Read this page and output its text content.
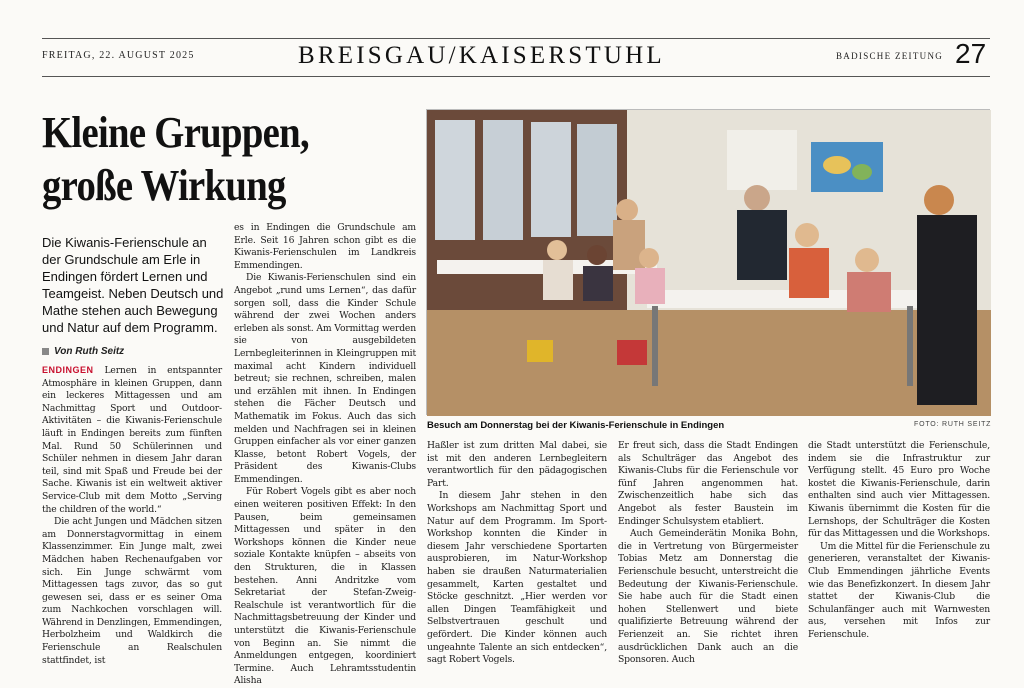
FREITAG, 22. AUGUST 2025	BREISGAU/KAISERSTUHL	BADISCHE ZEITUNG 27
Kleine Gruppen,
große Wirkung
Die Kiwanis-Ferienschule an der Grundschule am Erle in Endingen fördert Lernen und Teamgeist. Neben Deutsch und Mathe stehen auch Bewegung und Natur auf dem Programm.
Von Ruth Seitz

ENDINGEN Lernen in entspannter Atmosphäre in kleinen Gruppen, dann ein leckeres Mittagessen und am Nachmittag Sport und Outdoor-Aktivitäten – die Kiwanis-Ferienschule läuft in Endingen bereits zum fünften Mal. Rund 50 Schülerinnen und Schüler nehmen in diesem Jahr daran teil, sind mit Spaß und Freude bei der Sache. Kiwanis ist ein weltweit aktiver Service-Club mit dem Motto „Serving the children of the world.“

Die acht Jungen und Mädchen sitzen am Donnerstagvormittag in einem Klassenzimmer. Ein Junge malt, zwei Mädchen haben Rechenaufgaben vor sich. Ein Junge schwärmt vom Mittagessen tags zuvor, das so gut gewesen sei, dass er es seiner Oma zum Nachkochen vorschlagen will. Während in Denzlingen, Emmendingen, Herbolzheim und Waldkirch die Ferienschule an Realschulen stattfindet, ist

es in Endingen die Grundschule am Erle. Seit 16 Jahren schon gibt es die Kiwanis-Ferienschulen im Landkreis Emmendingen.

Die Kiwanis-Ferienschulen sind ein Angebot „rund ums Lernen“, das dafür sorgen soll, dass die Kinder Schule während der zwei Wochen anders erleben als sonst. Am Vormittag werden sie von ausgebildeten Lernbegleiterinnen in Kleingruppen mit maximal acht Kindern individuell betreut; sie rechnen, schreiben, malen und erzählen mit ihnen. In Endingen stehen die Fächer Deutsch und Mathematik im Fokus. Auch das sich melden und Nachfragen sei in kleinen Gruppen einfacher als vor einer ganzen Klasse, betont Robert Vogels, der Präsident des Kiwanis-Clubs Emmendingen.

Für Robert Vogels gibt es aber noch einen weiteren positiven Effekt: In den Pausen, beim gemeinsamen Mittagessen und später in den Workshops können die Kinder neue soziale Kontakte knüpfen – abseits von den Strukturen, die in Klassen bestehen. Anni Andritzke vom Sekretariat der Stefan-Zweig-Realschule ist verantwortlich für die Nachmittagsbetreuung der Kinder und unterstützt die Kiwanis-Ferienschule von Beginn an. Sie nimmt die Anmeldungen entgegen, koordiniert Termine. Auch Lehramtsstudentin Alisha

Besuch am Donnerstag bei der Kiwanis-Ferienschule in Endingen	FOTO: RUTH SEITZ

Haßler ist zum dritten Mal dabei, sie ist mit den anderen Lernbegleitern verantwortlich für den pädagogischen Part.

In diesem Jahr stehen in den Workshops am Nachmittag Sport und Natur auf dem Programm. Im Sport-Workshop konnten die Kinder in diesem Jahr verschiedene Sportarten ausprobieren, im Natur-Workshop haben sie draußen Naturmaterialien gesammelt, Karten gestaltet und Stöcke geschnitzt. „Hier werden vor allen Dingen Teamfähigkeit und Selbstvertrauen geschult und gefördert. Die Kinder können auch ungeahnte Talente an sich entdecken“, sagt Robert Vogels.

Er freut sich, dass die Stadt Endingen als Schulträger das Angebot des Kiwanis-Clubs für die Ferienschule vor fünf Jahren angenommen hat. Zwischenzeitlich habe sich das Angebot als fester Baustein im Endinger Schulsystem etabliert.

Auch Gemeinderätin Monika Bohn, die in Vertretung von Bürgermeister Tobias Metz am Donnerstag die Ferienschule besucht, unterstreicht die Bedeutung der Kiwanis-Ferienschule. Sie habe auch für die Stadt einen hohen Stellenwert und biete qualifizierte Betreuung während der Ferienzeit an. Sie richtet ihren ausdrücklichen Dank auch an die Sponsoren. Auch

die Stadt unterstützt die Ferienschule, indem sie die Infrastruktur zur Verfügung stellt. 45 Euro pro Woche kostet die Kiwanis-Ferienschule, darin enthalten sind auch vier Mittagessen. Kiwanis übernimmt die Kosten für die Lernshops, der Schulträger die Kosten für das Mittagessen und die Workshops.

Um die Mittel für die Ferienschule zu generieren, veranstaltet der Kiwanis-Club Emmendingen jährliche Events wie das Benefizkonzert. In diesem Jahr stattet der Kiwanis-Club die Schulanfänger auch mit Warnwesten aus, versehen mit Infos zur Ferienschule.
